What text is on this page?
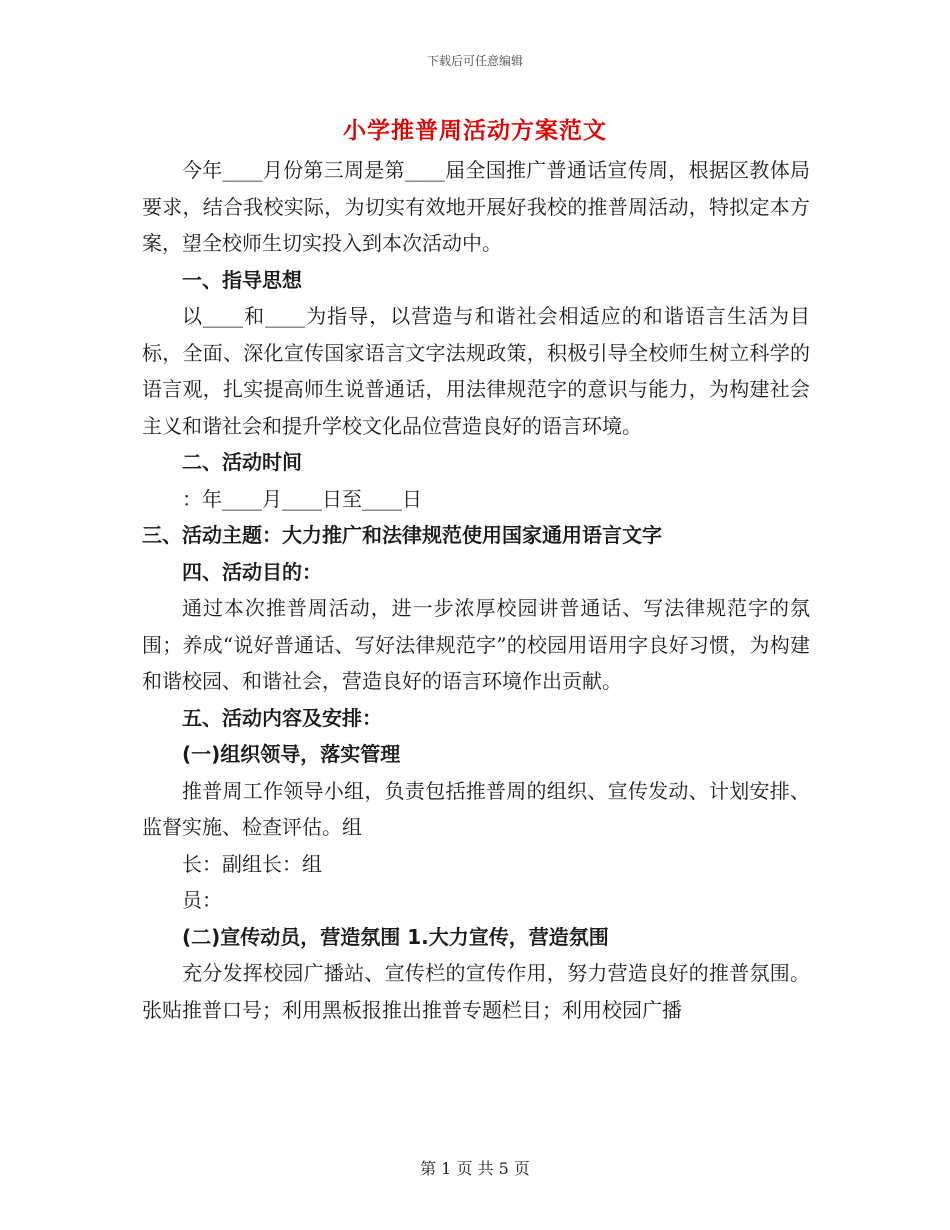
下载后可任意编辑
小学推普周活动方案范文

今年____月份第三周是第____届全国推广普通话宣传周，根据区教体局要求，结合我校实际，为切实有效地开展好我校的推普周活动，特拟定本方案，望全校师生切实投入到本次活动中。

一、指导思想

以____和____为指导，以营造与和谐社会相适应的和谐语言生活为目标，全面、深化宣传国家语言文字法规政策，积极引导全校师生树立科学的语言观，扎实提高师生说普通话，用法律规范字的意识与能力，为构建社会主义和谐社会和提升学校文化品位营造良好的语言环境。

二、活动时间

：年____月____日至____日

三、活动主题：大力推广和法律规范使用国家通用语言文字

四、活动目的：

通过本次推普周活动，进一步浓厚校园讲普通话、写法律规范字的氛围；养成“说好普通话、写好法律规范字”的校园用语用字良好习惯，为构建和谐校园、和谐社会，营造良好的语言环境作出贡献。

五、活动内容及安排：

(一)组织领导，落实管理

推普周工作领导小组，负责包括推普周的组织、宣传发动、计划安排、监督实施、检查评估。组

长：副组长：组

员：

(二)宣传动员，营造氛围 1.大力宣传，营造氛围

充分发挥校园广播站、宣传栏的宣传作用，努力营造良好的推普氛围。张贴推普口号；利用黑板报推出推普专题栏目；利用校园广播

第 1 页 共 5 页
